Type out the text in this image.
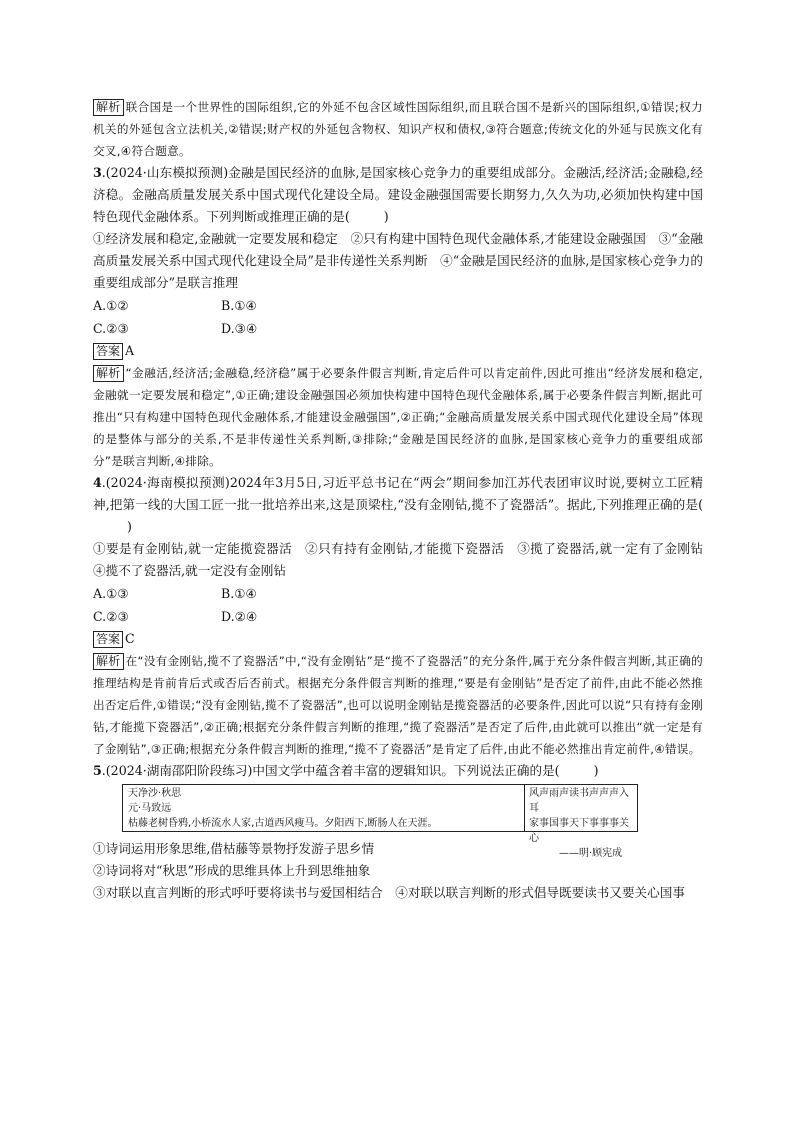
解析 联合国是一个世界性的国际组织,它的外延不包含区域性国际组织,而且联合国不是新兴的国际组织,①错误;权力机关的外延包含立法机关,②错误;财产权的外延包含物权、知识产权和债权,③符合题意;传统文化的外延与民族文化有交叉,④符合题意。

3.(2024·山东模拟预测)金融是国民经济的血脉,是国家核心竞争力的重要组成部分。金融活,经济活;金融稳,经济稳。金融高质量发展关系中国式现代化建设全局。建设金融强国需要长期努力,久久为功,必须加快构建中国特色现代金融体系。下列判断或推理正确的是(	)

①经济发展和稳定,金融就一定要发展和稳定　②只有构建中国特色现代金融体系,才能建设金融强国　③“金融高质量发展关系中国式现代化建设全局”是非传递性关系判断　④“金融是国民经济的血脉,是国家核心竞争力的重要组成部分”是联言推理

A.①②	B.①④
C.②③	D.③④

答案 A

解析 “金融活,经济活;金融稳,经济稳”属于必要条件假言判断,肯定后件可以肯定前件,因此可推出“经济发展和稳定,金融就一定要发展和稳定”,①正确;建设金融强国必须加快构建中国特色现代金融体系,属于必要条件假言判断,据此可推出“只有构建中国特色现代金融体系,才能建设金融强国”,②正确;“金融高质量发展关系中国式现代化建设全局”体现的是整体与部分的关系,不是非传递性关系判断,③排除;“金融是国民经济的血脉,是国家核心竞争力的重要组成部分”是联言判断,④排除。

4.(2024·海南模拟预测)2024年3月5日,习近平总书记在“两会”期间参加江苏代表团审议时说,要树立工匠精神,把第一线的大国工匠一批一批培养出来,这是顶梁柱,“没有金刚钻,揽不了瓷器活”。据此,下列推理正确的是()

①要是有金刚钻,就一定能揽瓷器活　②只有持有金刚钻,才能揽下瓷器活　③揽了瓷器活,就一定有了金刚钻　④揽不了瓷器活,就一定没有金刚钻

A.①③	B.①④
C.②③	D.②④

答案 C

解析 在“没有金刚钻,揽不了瓷器活”中,“没有金刚钻”是“揽不了瓷器活”的充分条件,属于充分条件假言判断,其正确的推理结构是肯前肯后式或否后否前式。根据充分条件假言判断的推理,“要是有金刚钻”是否定了前件,由此不能必然推出否定后件,①错误;“没有金刚钻,揽不了瓷器活”,也可以说明金刚钻是揽瓷器活的必要条件,因此可以说“只有持有金刚钻,才能揽下瓷器活”,②正确;根据充分条件假言判断的推理,“揽了瓷器活”是否定了后件,由此就可以推出“就一定是有了金刚钻”,③正确;根据充分条件假言判断的推理,“揽不了瓷器活”是肯定了后件,由此不能必然推出肯定前件,④错误。

5.(2024·湖南邵阳阶段练习)中国文学中蕴含着丰富的逻辑知识。下列说法正确的是(	)

天净沙·秋思
元·马致远
枯藤老树昏鸦,小桥流水人家,古道西风瘦马。夕阳西下,断肠人在天涯。
风声雨声读书声声声入耳
家事国事天下事事事关心
——明·顾宪成

①诗词运用形象思维,借枯藤等景物抒发游子思乡情

②诗词将对“秋思”形成的思维具体上升到思维抽象

③对联以直言判断的形式呼吁要将读书与爱国相结合　④对联以联言判断的形式倡导既要读书又要关心国事
